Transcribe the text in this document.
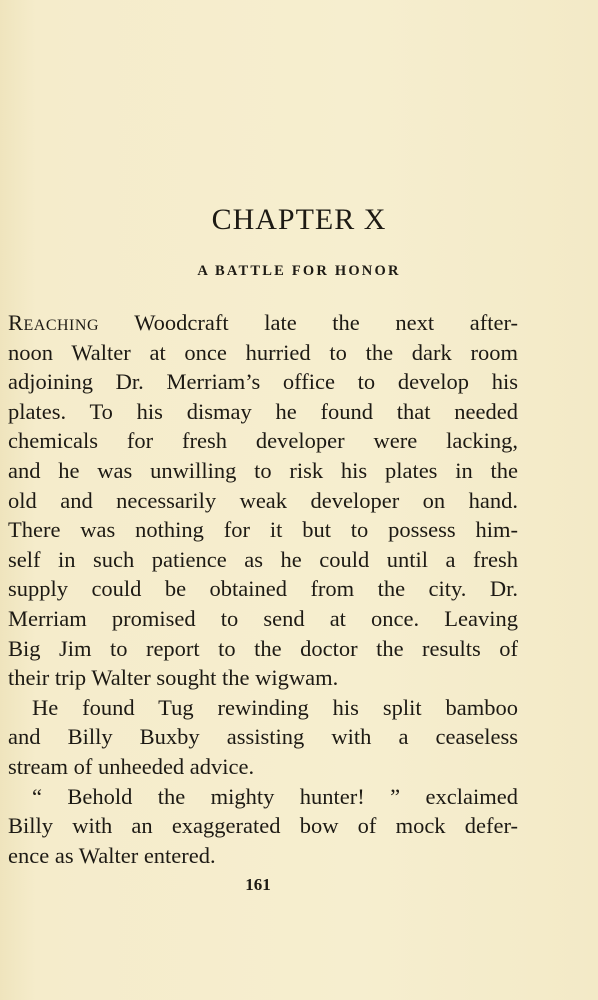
CHAPTER X
A BATTLE FOR HONOR
Reaching Woodcraft late the next after-
noon Walter at once hurried to the dark room
adjoining Dr. Merriam’s office to develop his
plates. To his dismay he found that needed
chemicals for fresh developer were lacking,
and he was unwilling to risk his plates in the
old and necessarily weak developer on hand.
There was nothing for it but to possess him-
self in such patience as he could until a fresh
supply could be obtained from the city. Dr.
Merriam promised to send at once. Leaving
Big Jim to report to the doctor the results of
their trip Walter sought the wigwam.
He found Tug rewinding his split bamboo
and Billy Buxby assisting with a ceaseless
stream of unheeded advice.
“ Behold the mighty hunter! ” exclaimed
Billy with an exaggerated bow of mock defer-
ence as Walter entered.
161
